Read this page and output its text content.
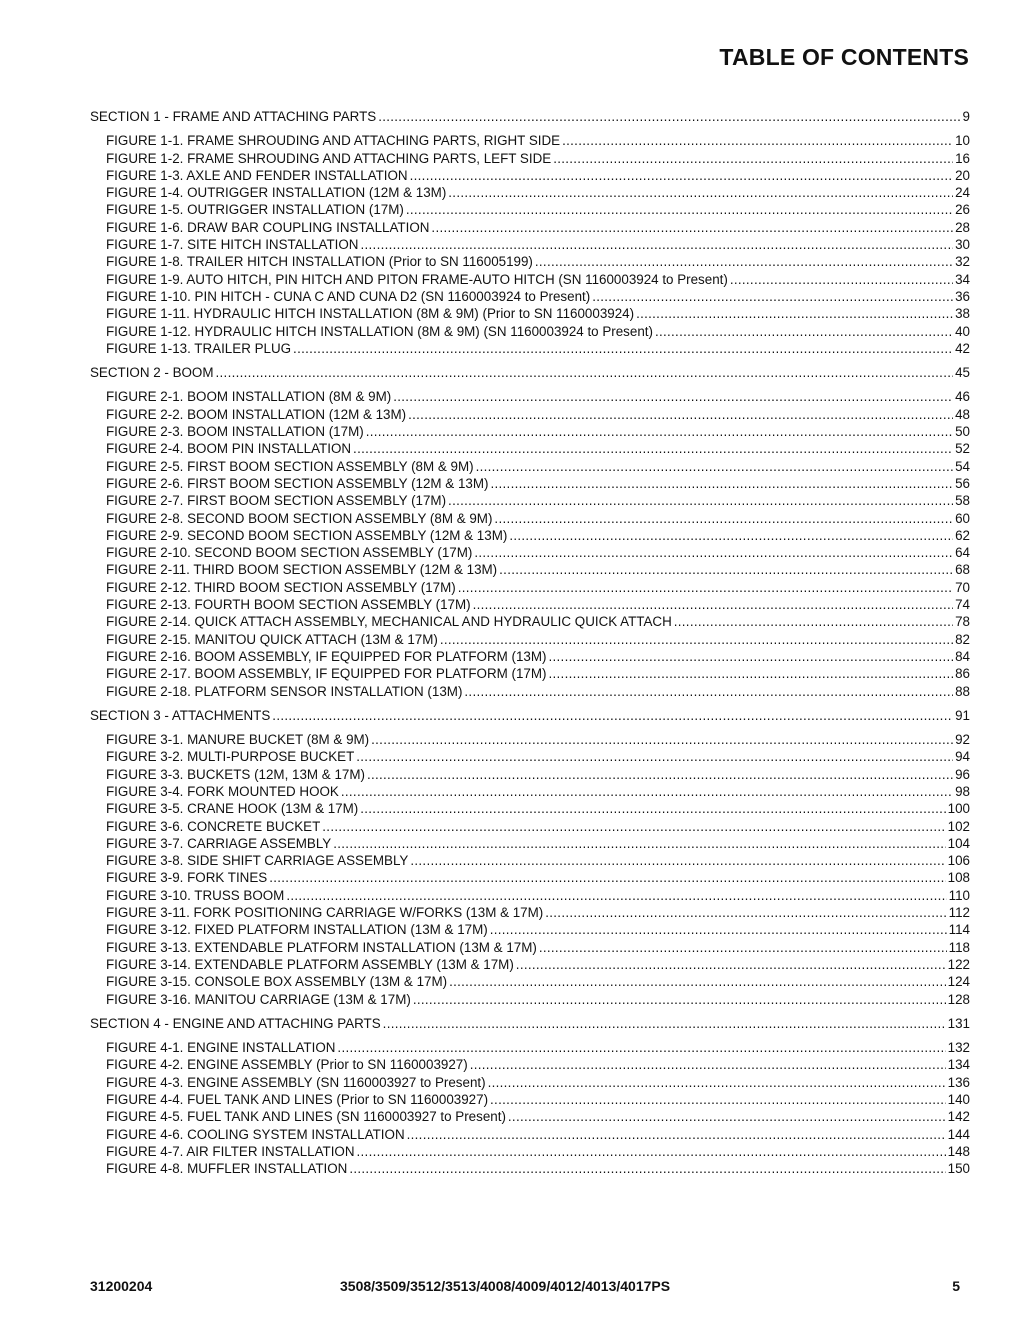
TABLE OF CONTENTS
SECTION 1 - FRAME AND ATTACHING PARTS .....	9
FIGURE 1-1. FRAME SHROUDING AND ATTACHING PARTS, RIGHT SIDE .....	10
FIGURE 1-2. FRAME SHROUDING AND ATTACHING PARTS, LEFT SIDE .....	16
FIGURE 1-3. AXLE AND FENDER INSTALLATION .....	20
FIGURE 1-4. OUTRIGGER INSTALLATION (12M & 13M) .....	24
FIGURE 1-5. OUTRIGGER INSTALLATION (17M) .....	26
FIGURE 1-6. DRAW BAR COUPLING INSTALLATION .....	28
FIGURE 1-7. SITE HITCH INSTALLATION .....	30
FIGURE 1-8. TRAILER HITCH INSTALLATION (Prior to SN 116005199) .....	32
FIGURE 1-9. AUTO HITCH, PIN HITCH AND PITON FRAME-AUTO HITCH (SN 1160003924 to Present) .....	34
FIGURE 1-10. PIN HITCH - CUNA C AND CUNA D2 (SN 1160003924 to Present) .....	36
FIGURE 1-11. HYDRAULIC HITCH INSTALLATION (8M & 9M) (Prior to SN 1160003924) .....	38
FIGURE 1-12. HYDRAULIC HITCH INSTALLATION (8M & 9M) (SN 1160003924 to Present) .....	40
FIGURE 1-13. TRAILER PLUG .....	42
SECTION 2 - BOOM .....	45
FIGURE 2-1. BOOM INSTALLATION (8M & 9M) .....	46
FIGURE 2-2. BOOM INSTALLATION (12M & 13M) .....	48
FIGURE 2-3. BOOM INSTALLATION (17M) .....	50
FIGURE 2-4. BOOM PIN INSTALLATION .....	52
FIGURE 2-5. FIRST BOOM SECTION ASSEMBLY (8M & 9M) .....	54
FIGURE 2-6. FIRST BOOM SECTION ASSEMBLY (12M & 13M) .....	56
FIGURE 2-7. FIRST BOOM SECTION ASSEMBLY (17M) .....	58
FIGURE 2-8. SECOND BOOM SECTION ASSEMBLY (8M & 9M) .....	60
FIGURE 2-9. SECOND BOOM SECTION ASSEMBLY (12M & 13M) .....	62
FIGURE 2-10. SECOND BOOM SECTION ASSEMBLY (17M) .....	64
FIGURE 2-11. THIRD BOOM SECTION ASSEMBLY (12M & 13M) .....	68
FIGURE 2-12. THIRD BOOM SECTION ASSEMBLY (17M) .....	70
FIGURE 2-13. FOURTH BOOM SECTION ASSEMBLY (17M) .....	74
FIGURE 2-14. QUICK ATTACH ASSEMBLY, MECHANICAL AND HYDRAULIC QUICK ATTACH .....	78
FIGURE 2-15. MANITOU QUICK ATTACH (13M & 17M) .....	82
FIGURE 2-16. BOOM ASSEMBLY, IF EQUIPPED FOR PLATFORM (13M) .....	84
FIGURE 2-17. BOOM ASSEMBLY, IF EQUIPPED FOR PLATFORM (17M) .....	86
FIGURE 2-18. PLATFORM SENSOR INSTALLATION (13M) .....	88
SECTION 3 - ATTACHMENTS .....	91
FIGURE 3-1. MANURE BUCKET (8M & 9M) .....	92
FIGURE 3-2. MULTI-PURPOSE BUCKET .....	94
FIGURE 3-3. BUCKETS (12M, 13M & 17M) .....	96
FIGURE 3-4. FORK MOUNTED HOOK .....	98
FIGURE 3-5. CRANE HOOK (13M & 17M) .....	100
FIGURE 3-6. CONCRETE BUCKET .....	102
FIGURE 3-7. CARRIAGE ASSEMBLY .....	104
FIGURE 3-8. SIDE SHIFT CARRIAGE ASSEMBLY .....	106
FIGURE 3-9. FORK TINES .....	108
FIGURE 3-10. TRUSS BOOM .....	110
FIGURE 3-11. FORK POSITIONING CARRIAGE W/FORKS (13M & 17M) .....	112
FIGURE 3-12. FIXED PLATFORM INSTALLATION (13M & 17M) .....	114
FIGURE 3-13. EXTENDABLE PLATFORM INSTALLATION (13M & 17M) .....	118
FIGURE 3-14. EXTENDABLE PLATFORM ASSEMBLY (13M & 17M) .....	122
FIGURE 3-15. CONSOLE BOX ASSEMBLY (13M & 17M) .....	124
FIGURE 3-16. MANITOU CARRIAGE (13M & 17M) .....	128
SECTION 4 - ENGINE AND ATTACHING PARTS .....	131
FIGURE 4-1. ENGINE INSTALLATION .....	132
FIGURE 4-2. ENGINE ASSEMBLY (Prior to SN 1160003927) .....	134
FIGURE 4-3. ENGINE ASSEMBLY (SN 1160003927 to Present) .....	136
FIGURE 4-4. FUEL TANK AND LINES (Prior to SN 1160003927) .....	140
FIGURE 4-5. FUEL TANK AND LINES (SN 1160003927 to Present) .....	142
FIGURE 4-6. COOLING SYSTEM INSTALLATION .....	144
FIGURE 4-7. AIR FILTER INSTALLATION .....	148
FIGURE 4-8. MUFFLER INSTALLATION .....	150
31200204	3508/3509/3512/3513/4008/4009/4012/4013/4017PS	5
